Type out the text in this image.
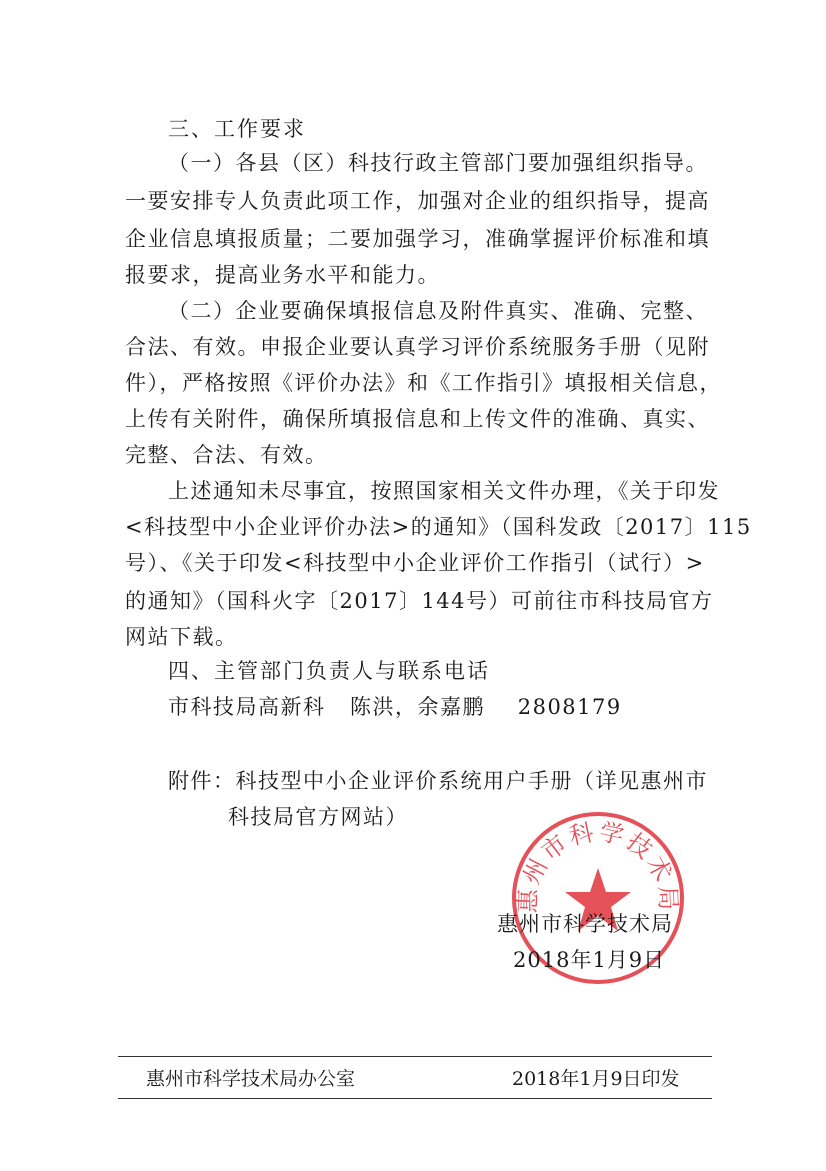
三、工作要求
（一）各县（区）科技行政主管部门要加强组织指导。
一要安排专人负责此项工作，加强对企业的组织指导，提高
企业信息填报质量；二要加强学习，准确掌握评价标准和填
报要求，提高业务水平和能力。
（二）企业要确保填报信息及附件真实、准确、完整、
合法、有效。申报企业要认真学习评价系统服务手册（见附
件），严格按照《评价办法》和《工作指引》填报相关信息，
上传有关附件，确保所填报信息和上传文件的准确、真实、
完整、合法、有效。
上述通知未尽事宜，按照国家相关文件办理，《关于印发
<科技型中小企业评价办法>的通知》（国科发政〔2017〕115
号）、《关于印发<科技型中小企业评价工作指引（试行）>
的通知》（国科火字〔2017〕144号）可前往市科技局官方
网站下载。
四、主管部门负责人与联系电话
市科技局高新科   陈洪，余嘉鹏    2808179
附件：科技型中小企业评价系统用户手册（详见惠州市
科技局官方网站）
惠州市科学技术局
惠州市科学技术局
2018年1月9日
惠州市科学技术局办公室	2018年1月9日印发
